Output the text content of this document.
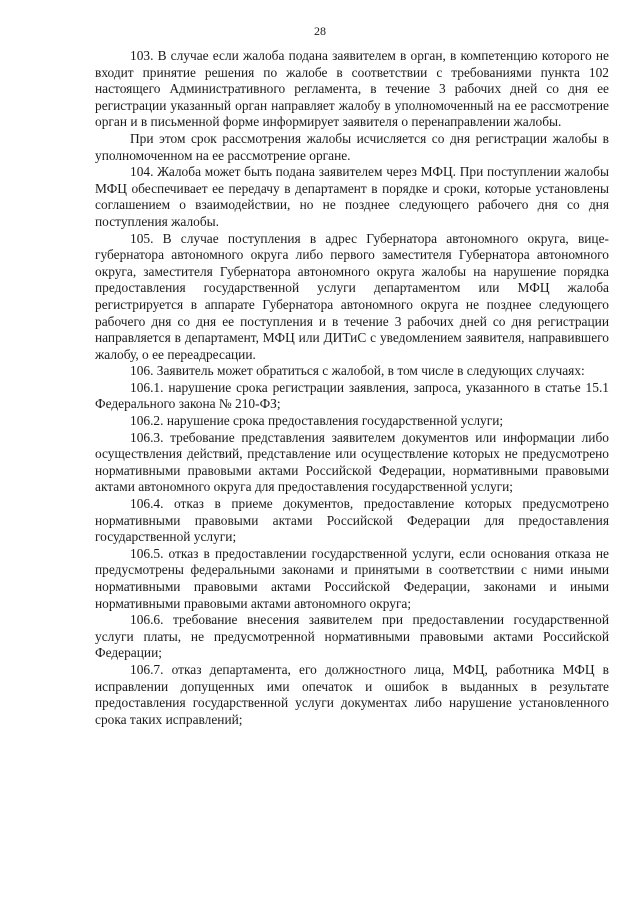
28

103. В случае если жалоба подана заявителем в орган, в компетенцию которого не входит принятие решения по жалобе в соответствии с требованиями пункта 102 настоящего Административного регламента, в течение 3 рабочих дней со дня ее регистрации указанный орган направляет жалобу в уполномоченный на ее рассмотрение орган и в письменной форме информирует заявителя о перенаправлении жалобы.

При этом срок рассмотрения жалобы исчисляется со дня регистрации жалобы в уполномоченном на ее рассмотрение органе.

104. Жалоба может быть подана заявителем через МФЦ. При поступлении жалобы МФЦ обеспечивает ее передачу в департамент в порядке и сроки, которые установлены соглашением о взаимодействии, но не позднее следующего рабочего дня со дня поступления жалобы.

105. В случае поступления в адрес Губернатора автономного округа, вице-губернатора автономного округа либо первого заместителя Губернатора автономного округа, заместителя Губернатора автономного округа жалобы на нарушение порядка предоставления государственной услуги департаментом или МФЦ жалоба регистрируется в аппарате Губернатора автономного округа не позднее следующего рабочего дня со дня ее поступления и в течение 3 рабочих дней со дня регистрации направляется в департамент, МФЦ или ДИТиС с уведомлением заявителя, направившего жалобу, о ее переадресации.

106. Заявитель может обратиться с жалобой, в том числе в следующих случаях:

106.1. нарушение срока регистрации заявления, запроса, указанного в статье 15.1 Федерального закона № 210-ФЗ;

106.2. нарушение срока предоставления государственной услуги;

106.3. требование представления заявителем документов или информации либо осуществления действий, представление или осуществление которых не предусмотрено нормативными правовыми актами Российской Федерации, нормативными правовыми актами автономного округа для предоставления государственной услуги;

106.4. отказ в приеме документов, предоставление которых предусмотрено нормативными правовыми актами Российской Федерации для предоставления государственной услуги;

106.5. отказ в предоставлении государственной услуги, если основания отказа не предусмотрены федеральными законами и принятыми в соответствии с ними иными нормативными правовыми актами Российской Федерации, законами и иными нормативными правовыми актами автономного округа;

106.6. требование внесения заявителем при предоставлении государственной услуги платы, не предусмотренной нормативными правовыми актами Российской Федерации;

106.7. отказ департамента, его должностного лица, МФЦ, работника МФЦ в исправлении допущенных ими опечаток и ошибок в выданных в результате предоставления государственной услуги документах либо нарушение установленного срока таких исправлений;
